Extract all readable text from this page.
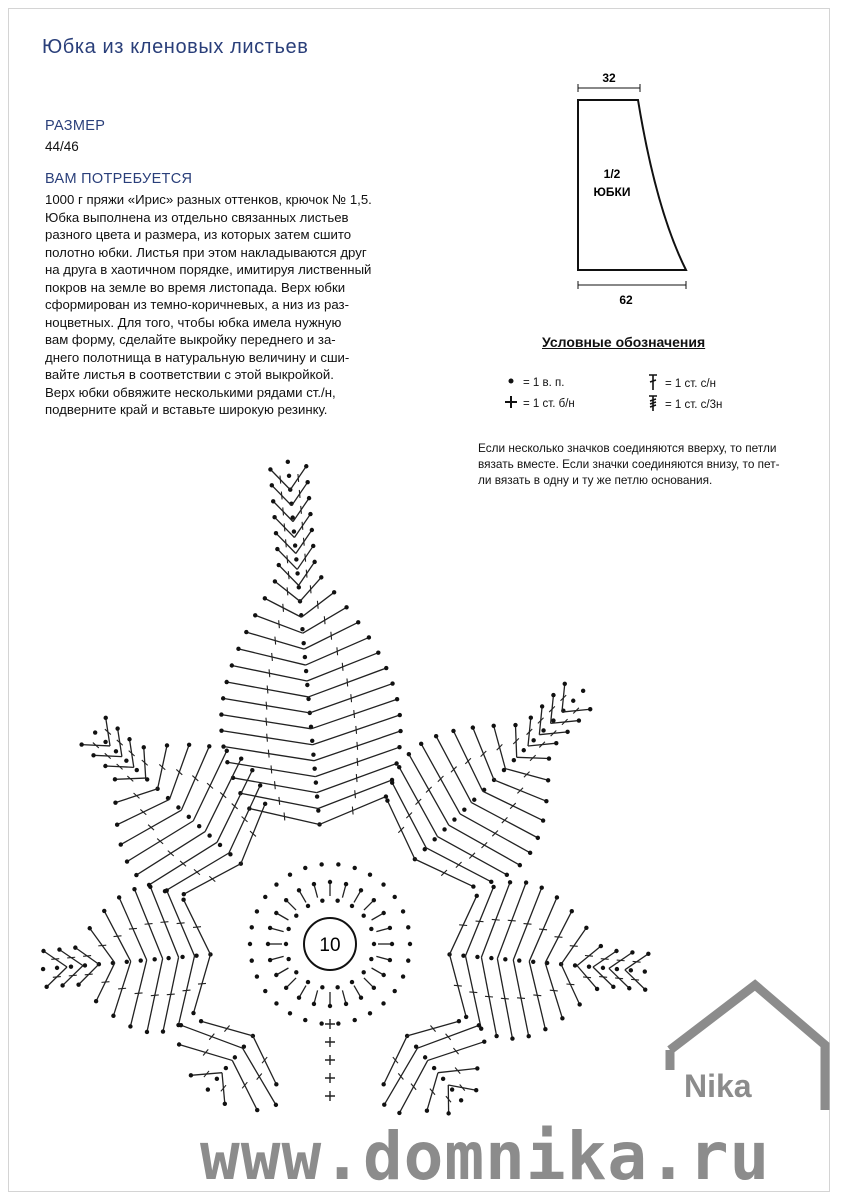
Юбка из кленовых листьев
РАЗМЕР
44/46
ВАМ ПОТРЕБУЕТСЯ
1000 г пряжи «Ирис» разных оттенков, крючок № 1,5.
Юбка выполнена из отдельно связанных листьев
разного цвета и размера, из которых затем сшито
полотно юбки. Листья при этом накладываются друг
на друга в хаотичном порядке, имитируя лиственный
покров на земле во время листопада. Верх юбки
сформирован из темно-коричневых, а низ из раз-
ноцветных. Для того, чтобы юбка имела нужную
вам форму, сделайте выкройку переднего и за-
днего полотнища в натуральную величину и сши-
вайте листья в соответствии с этой выкройкой.
Верх юбки обвяжите несколькими рядами ст./н,
подверните край и вставьте широкую резинку.
32
1/2
ЮБКИ
62
Условные обозначения
= 1 в. п.
= 1 ст. б/н
= 1 ст. с/н
= 1 ст. с/3н
Если несколько значков соединяются вверху, то петли
вязать вместе. Если значки соединяются внизу, то пет-
ли вязать в одну и ту же петлю основания.
10
Nika
www.domnika.ru
